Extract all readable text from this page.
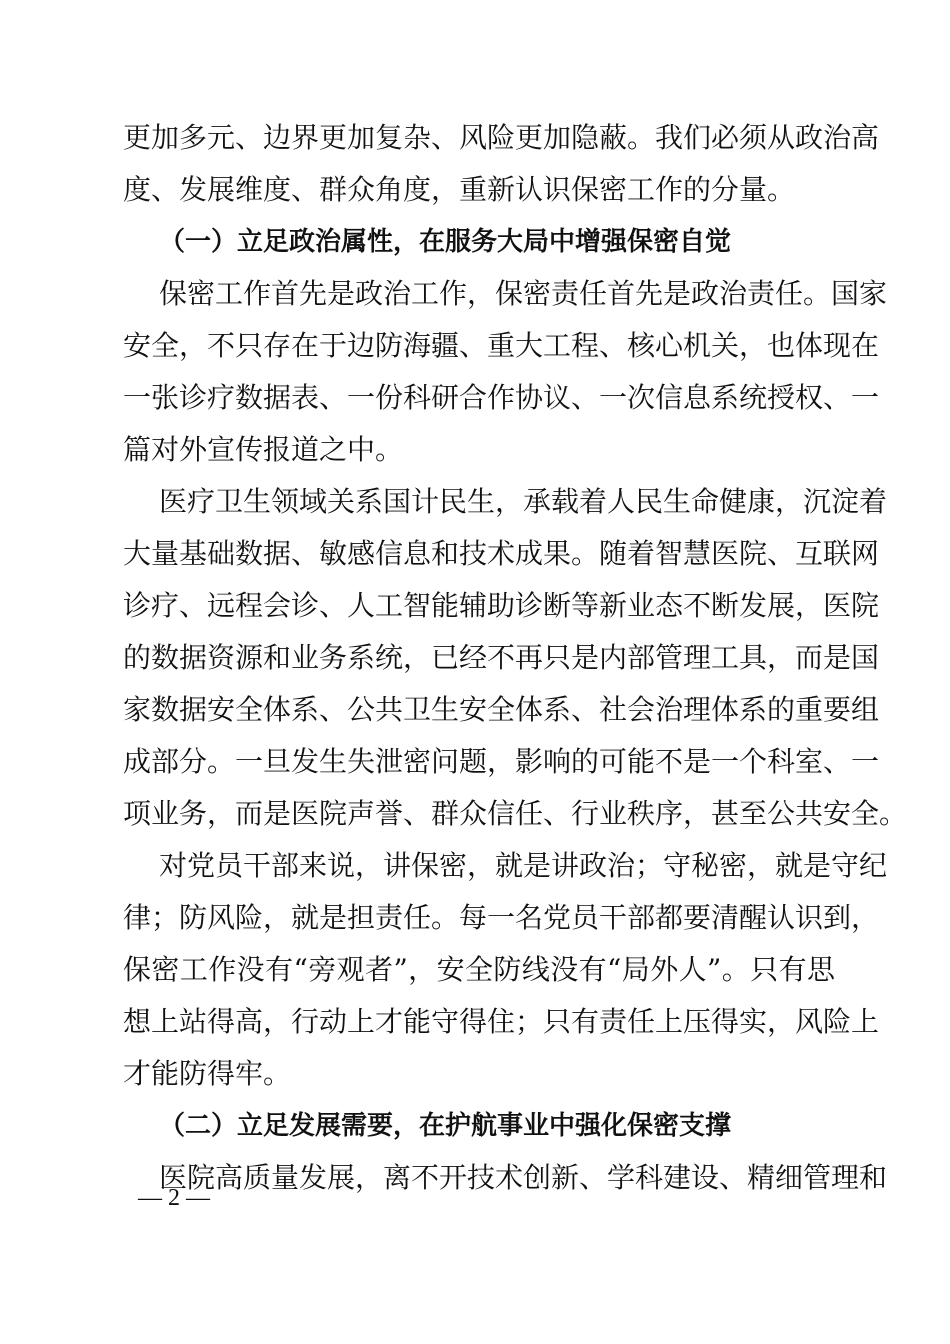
更加多元、边界更加复杂、风险更加隐蔽。我们必须从政治高
度、发展维度、群众角度，重新认识保密工作的分量。
（一）立足政治属性，在服务大局中增强保密自觉
保密工作首先是政治工作，保密责任首先是政治责任。国家
安全，不只存在于边防海疆、重大工程、核心机关，也体现在
一张诊疗数据表、一份科研合作协议、一次信息系统授权、一
篇对外宣传报道之中。
医疗卫生领域关系国计民生，承载着人民生命健康，沉淀着
大量基础数据、敏感信息和技术成果。随着智慧医院、互联网
诊疗、远程会诊、人工智能辅助诊断等新业态不断发展，医院
的数据资源和业务系统，已经不再只是内部管理工具，而是国
家数据安全体系、公共卫生安全体系、社会治理体系的重要组
成部分。一旦发生失泄密问题，影响的可能不是一个科室、一
项业务，而是医院声誉、群众信任、行业秩序，甚至公共安全。
对党员干部来说，讲保密，就是讲政治；守秘密，就是守纪
律；防风险，就是担责任。每一名党员干部都要清醒认识到，
保密工作没有“旁观者”，安全防线没有“局外人”。只有思
想上站得高，行动上才能守得住；只有责任上压得实，风险上
才能防得牢。
（二）立足发展需要，在护航事业中强化保密支撑
医院高质量发展，离不开技术创新、学科建设、精细管理和
— 2 —
